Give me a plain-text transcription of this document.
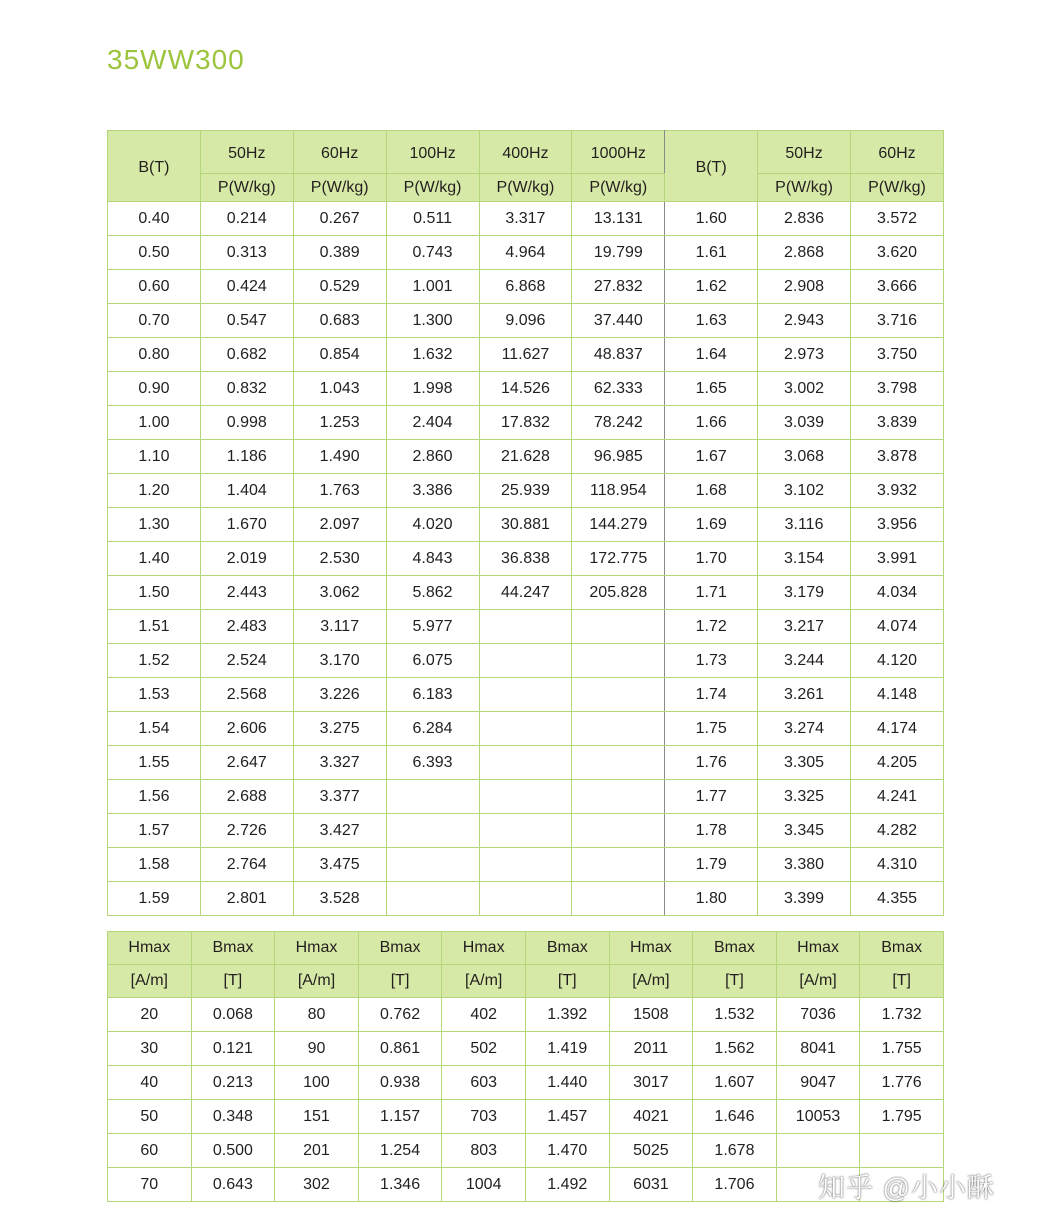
35WW300
B(T)	50Hz	60Hz	100Hz	400Hz	1000Hz	B(T)	50Hz	60Hz
	P(W/kg)	P(W/kg)	P(W/kg)	P(W/kg)	P(W/kg)		P(W/kg)	P(W/kg)
0.40	0.214	0.267	0.511	3.317	13.131	1.60	2.836	3.572
0.50	0.313	0.389	0.743	4.964	19.799	1.61	2.868	3.620
0.60	0.424	0.529	1.001	6.868	27.832	1.62	2.908	3.666
0.70	0.547	0.683	1.300	9.096	37.440	1.63	2.943	3.716
0.80	0.682	0.854	1.632	11.627	48.837	1.64	2.973	3.750
0.90	0.832	1.043	1.998	14.526	62.333	1.65	3.002	3.798
1.00	0.998	1.253	2.404	17.832	78.242	1.66	3.039	3.839
1.10	1.186	1.490	2.860	21.628	96.985	1.67	3.068	3.878
1.20	1.404	1.763	3.386	25.939	118.954	1.68	3.102	3.932
1.30	1.670	2.097	4.020	30.881	144.279	1.69	3.116	3.956
1.40	2.019	2.530	4.843	36.838	172.775	1.70	3.154	3.991
1.50	2.443	3.062	5.862	44.247	205.828	1.71	3.179	4.034
1.51	2.483	3.117	5.977			1.72	3.217	4.074
1.52	2.524	3.170	6.075			1.73	3.244	4.120
1.53	2.568	3.226	6.183			1.74	3.261	4.148
1.54	2.606	3.275	6.284			1.75	3.274	4.174
1.55	2.647	3.327	6.393			1.76	3.305	4.205
1.56	2.688	3.377				1.77	3.325	4.241
1.57	2.726	3.427				1.78	3.345	4.282
1.58	2.764	3.475				1.79	3.380	4.310
1.59	2.801	3.528				1.80	3.399	4.355
Hmax	Bmax	Hmax	Bmax	Hmax	Bmax	Hmax	Bmax	Hmax	Bmax
[A/m]	[T]	[A/m]	[T]	[A/m]	[T]	[A/m]	[T]	[A/m]	[T]
20	0.068	80	0.762	402	1.392	1508	1.532	7036	1.732
30	0.121	90	0.861	502	1.419	2011	1.562	8041	1.755
40	0.213	100	0.938	603	1.440	3017	1.607	9047	1.776
50	0.348	151	1.157	703	1.457	4021	1.646	10053	1.795
60	0.500	201	1.254	803	1.470	5025	1.678		
70	0.643	302	1.346	1004	1.492	6031	1.706		知乎 @小小酥
